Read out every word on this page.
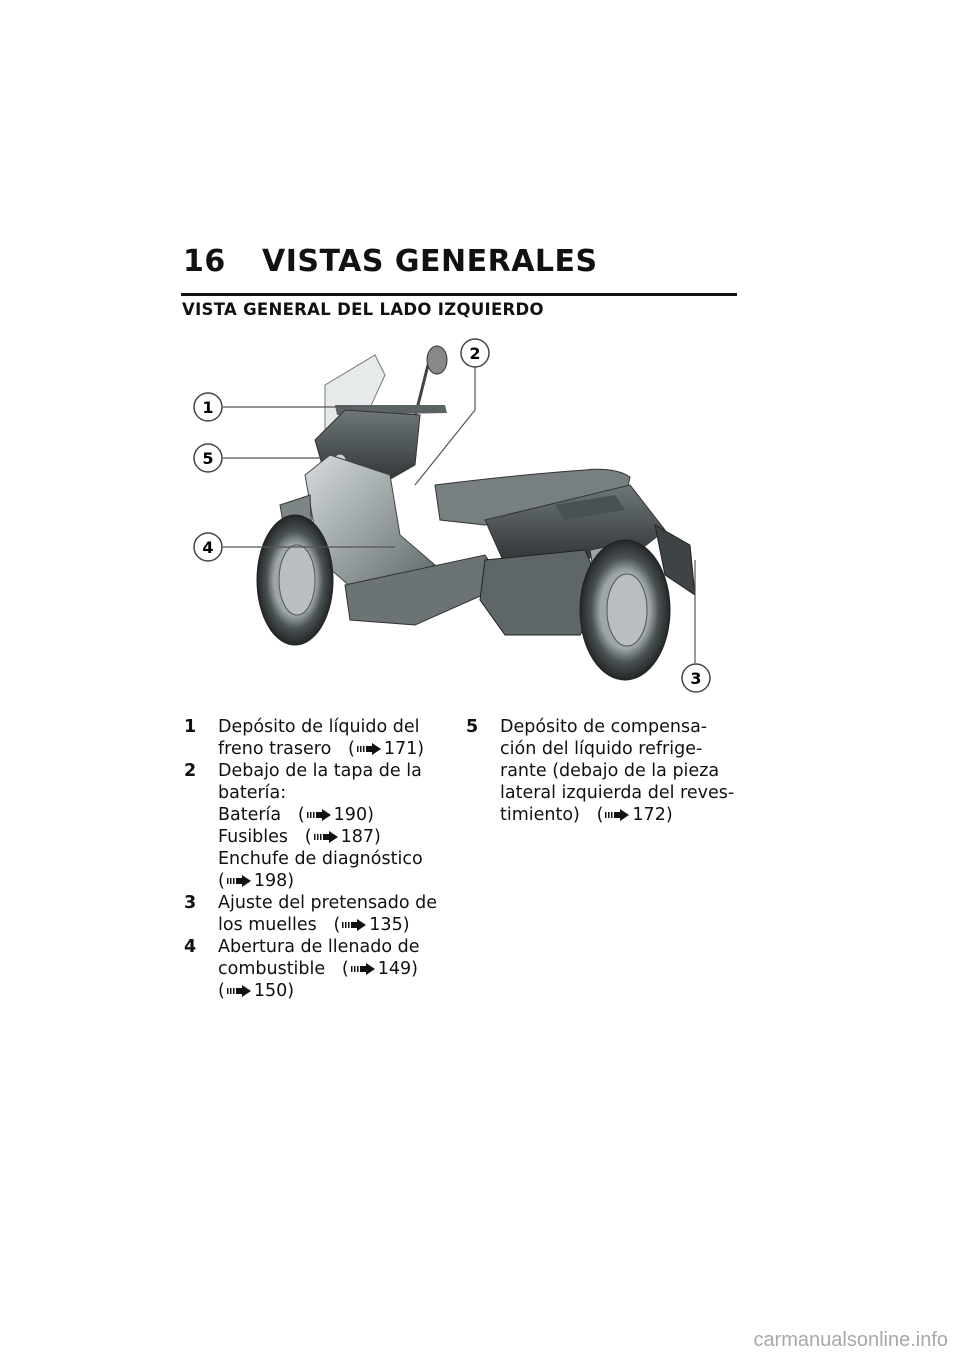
16 VISTAS GENERALES
VISTA GENERAL DEL LADO IZQUIERDO
1
2
3
4
5
1	Depósito de líquido del
freno trasero   ( 171)
2	Debajo de la tapa de la
batería:
Batería   ( 190)
Fusibles   ( 187)
Enchufe de diagnóstico
( 198)
3	Ajuste del pretensado de
los muelles   ( 135)
4	Abertura de llenado de
combustible   ( 149)
( 150)
5	Depósito de compensa-
ción del líquido refrige-
rante (debajo de la pieza
lateral izquierda del reves-
timiento)   ( 172)
carmanualsonline.info
